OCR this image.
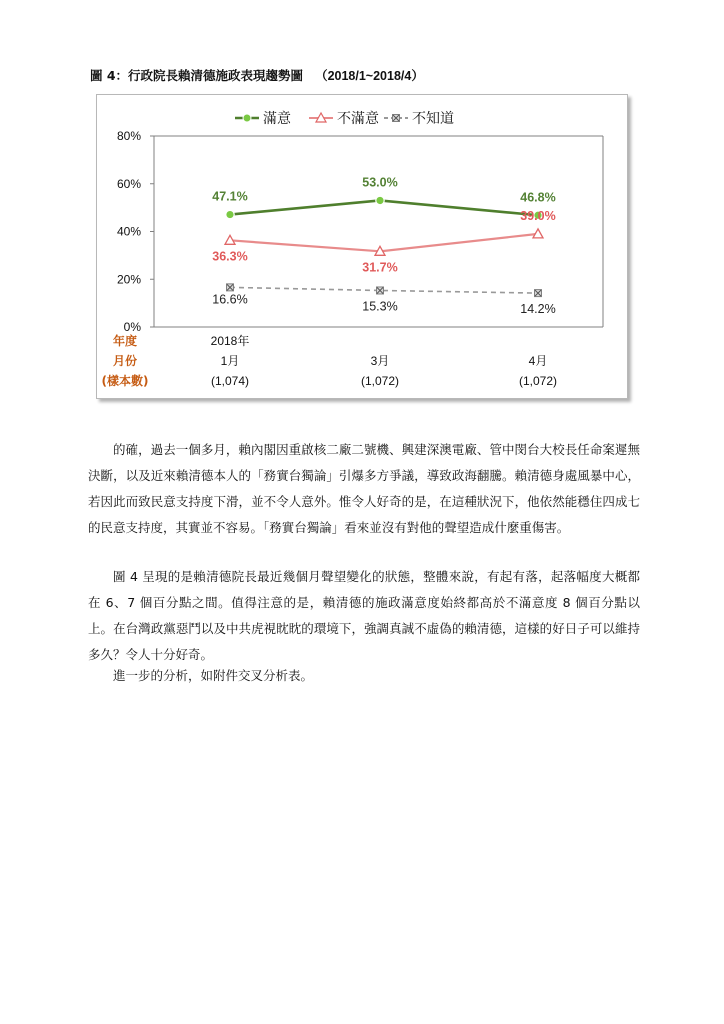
圖 4：行政院長賴清德施政表現趨勢圖 （2018/1~2018/4）
滿意	不滿意 不知道
0%
20%
40%
60%
80%
47.1%
53.0%
46.8%
36.3%
31.7%
39.0%
16.6%
15.3%	14.2%
年度	2018年
月份	1月	3月	4月
(樣本數)	(1,074)	(1,072)	(1,072)

的確，過去一個多月，賴內閣因重啟核二廠二號機、興建深澳電廠、管中閔台大校長任命案遲無決斷，以及近來賴清德本人的「務實台獨論」引爆多方爭議，導致政海翻騰。賴清德身處風暴中心，若因此而致民意支持度下滑，並不令人意外。惟令人好奇的是，在這種狀況下，他依然能穩住四成七的民意支持度，其實並不容易。「務實台獨論」看來並沒有對他的聲望造成什麼重傷害。

圖 4 呈現的是賴清德院長最近幾個月聲望變化的狀態，整體來說，有起有落，起落幅度大概都在 6、7 個百分點之間。值得注意的是，賴清德的施政滿意度始終都高於不滿意度 8 個百分點以上。在台灣政黨惡鬥以及中共虎視眈眈的環境下，強調真誠不虛偽的賴清德，這樣的好日子可以維持多久？令人十分好奇。

進一步的分析，如附件交叉分析表。
